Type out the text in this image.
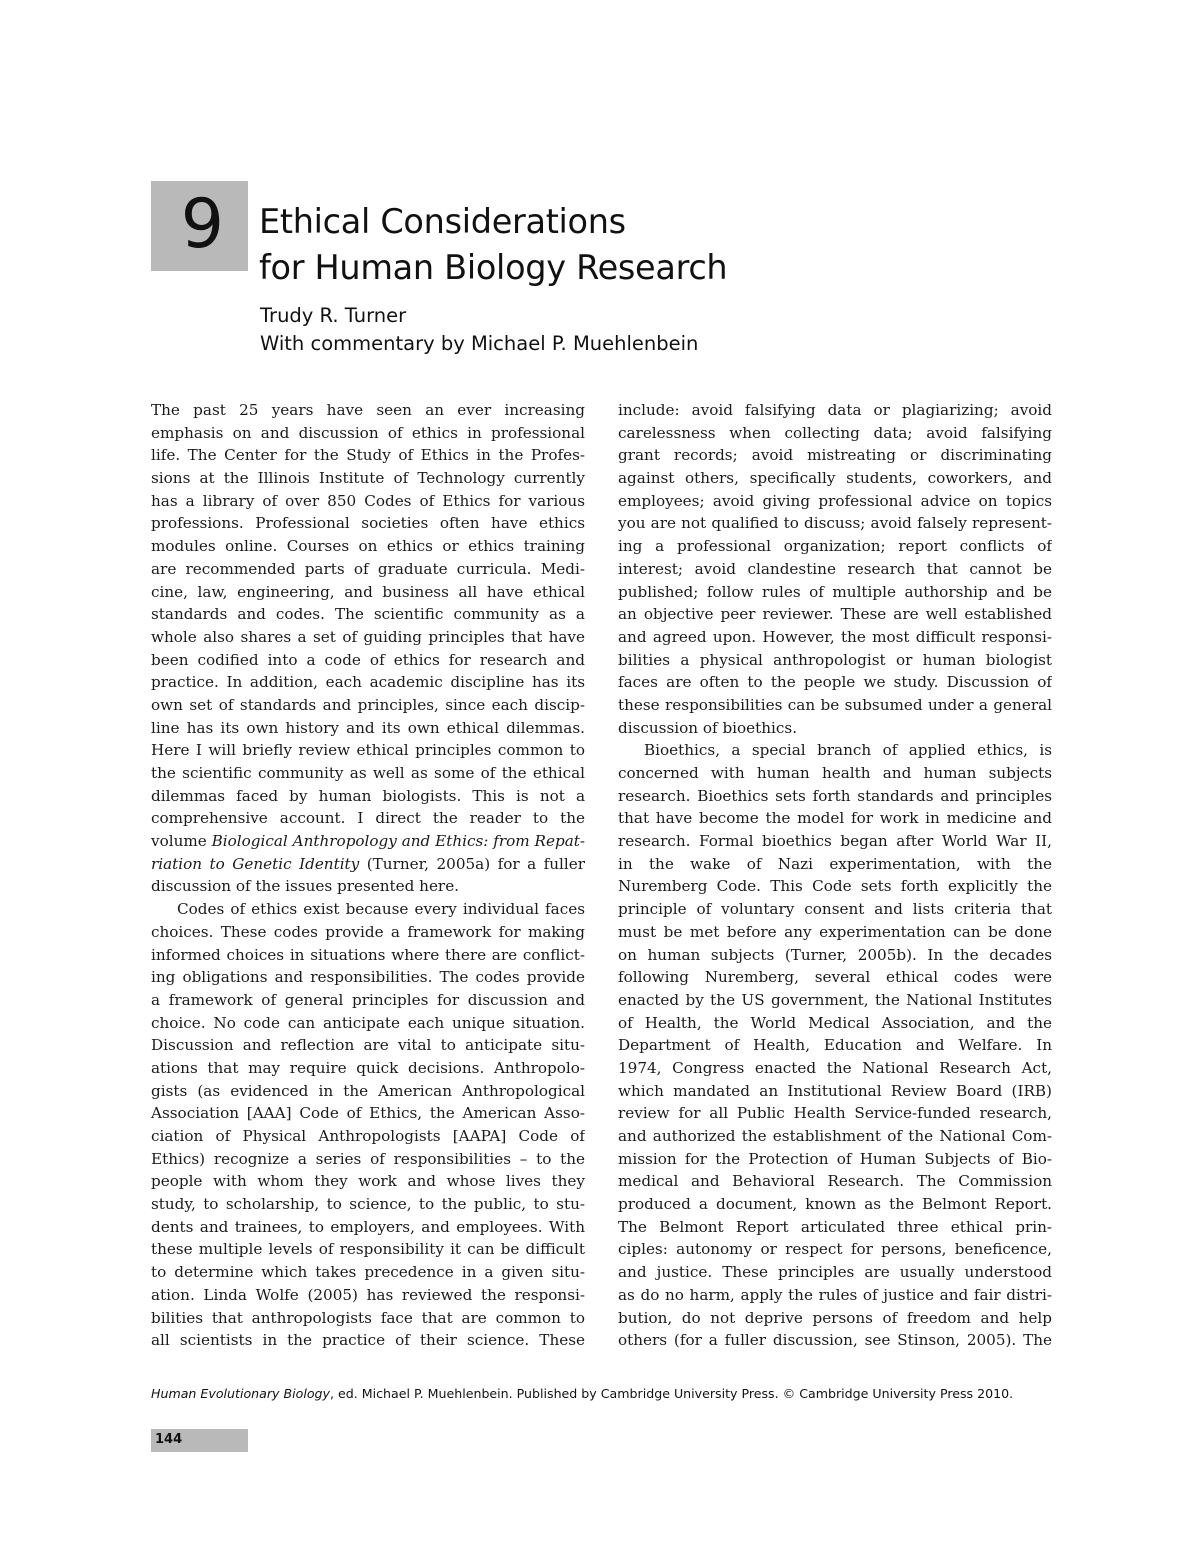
9 Ethical Considerations
for Human Biology Research
Trudy R. Turner
With commentary by Michael P. Muehlenbein
The past 25 years have seen an ever increasing
emphasis on and discussion of ethics in professional
life. The Center for the Study of Ethics in the Profes-
sions at the Illinois Institute of Technology currently
has a library of over 850 Codes of Ethics for various
professions. Professional societies often have ethics
modules online. Courses on ethics or ethics training
are recommended parts of graduate curricula. Medi-
cine, law, engineering, and business all have ethical
standards and codes. The scientific community as a
whole also shares a set of guiding principles that have
been codified into a code of ethics for research and
practice. In addition, each academic discipline has its
own set of standards and principles, since each discip-
line has its own history and its own ethical dilemmas.
Here I will briefly review ethical principles common to
the scientific community as well as some of the ethical
dilemmas faced by human biologists. This is not a
comprehensive account. I direct the reader to the
volume Biological Anthropology and Ethics: from Repat-
riation to Genetic Identity (Turner, 2005a) for a fuller
discussion of the issues presented here.
Codes of ethics exist because every individual faces
choices. These codes provide a framework for making
informed choices in situations where there are conflict-
ing obligations and responsibilities. The codes provide
a framework of general principles for discussion and
choice. No code can anticipate each unique situation.
Discussion and reflection are vital to anticipate situ-
ations that may require quick decisions. Anthropolo-
gists (as evidenced in the American Anthropological
Association [AAA] Code of Ethics, the American Asso-
ciation of Physical Anthropologists [AAPA] Code of
Ethics) recognize a series of responsibilities – to the
people with whom they work and whose lives they
study, to scholarship, to science, to the public, to stu-
dents and trainees, to employers, and employees. With
these multiple levels of responsibility it can be difficult
to determine which takes precedence in a given situ-
ation. Linda Wolfe (2005) has reviewed the responsi-
bilities that anthropologists face that are common to
all scientists in the practice of their science. These
include: avoid falsifying data or plagiarizing; avoid
carelessness when collecting data; avoid falsifying
grant records; avoid mistreating or discriminating
against others, specifically students, coworkers, and
employees; avoid giving professional advice on topics
you are not qualified to discuss; avoid falsely represent-
ing a professional organization; report conflicts of
interest; avoid clandestine research that cannot be
published; follow rules of multiple authorship and be
an objective peer reviewer. These are well established
and agreed upon. However, the most difficult responsi-
bilities a physical anthropologist or human biologist
faces are often to the people we study. Discussion of
these responsibilities can be subsumed under a general
discussion of bioethics.
Bioethics, a special branch of applied ethics, is
concerned with human health and human subjects
research. Bioethics sets forth standards and principles
that have become the model for work in medicine and
research. Formal bioethics began after World War II,
in the wake of Nazi experimentation, with the
Nuremberg Code. This Code sets forth explicitly the
principle of voluntary consent and lists criteria that
must be met before any experimentation can be done
on human subjects (Turner, 2005b). In the decades
following Nuremberg, several ethical codes were
enacted by the US government, the National Institutes
of Health, the World Medical Association, and the
Department of Health, Education and Welfare. In
1974, Congress enacted the National Research Act,
which mandated an Institutional Review Board (IRB)
review for all Public Health Service-funded research,
and authorized the establishment of the National Com-
mission for the Protection of Human Subjects of Bio-
medical and Behavioral Research. The Commission
produced a document, known as the Belmont Report.
The Belmont Report articulated three ethical prin-
ciples: autonomy or respect for persons, beneficence,
and justice. These principles are usually understood
as do no harm, apply the rules of justice and fair distri-
bution, do not deprive persons of freedom and help
others (for a fuller discussion, see Stinson, 2005). The
Human Evolutionary Biology, ed. Michael P. Muehlenbein. Published by Cambridge University Press. © Cambridge University Press 2010.
144
